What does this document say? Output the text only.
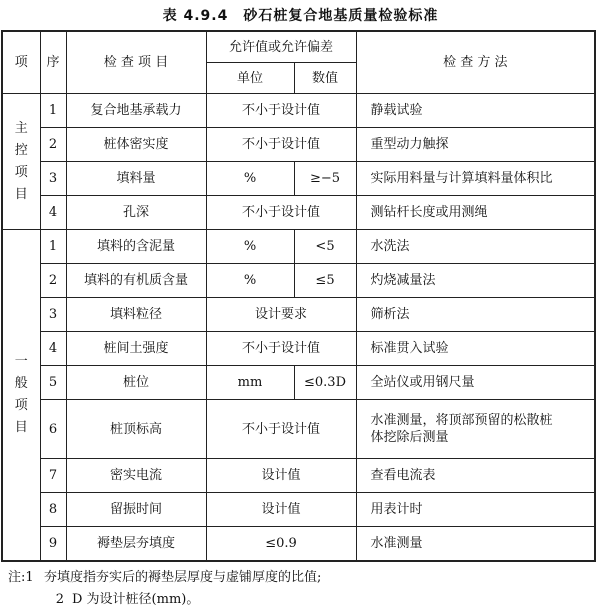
表 4.9.4　砂石桩复合地基质量检验标准
项	序	检 查 项 目	允许值或允许偏差		检 查 方 法
			单位	数值	

主
控
项
目	1	复合地基承载力	不小于设计值		静载试验
	2	桩体密实度	不小于设计值		重型动力触探
	3	填料量	%	≥−5	实际用料量与计算填料量体积比
	4	孔深	不小于设计值		测钻杆长度或用测绳

一
般
项
目	1	填料的含泥量	%	<5	水洗法
	2	填料的有机质含量	%	≤5	灼烧减量法
	3	填料粒径	设计要求		筛析法
	4	桩间土强度	不小于设计值		标准贯入试验
	5	桩位	mm	≤0.3D	全站仪或用钢尺量
	6	桩顶标高	不小于设计值		水准测量，将顶部预留的松散桩
体挖除后测量

	7	密实电流	设计值		查看电流表
	8	留振时间	设计值		用表计时
	9	褥垫层夯填度	≤0.9		水准测量
注:1 夯填度指夯实后的褥垫层厚度与虚铺厚度的比值;
2 D 为设计桩径(mm)。
